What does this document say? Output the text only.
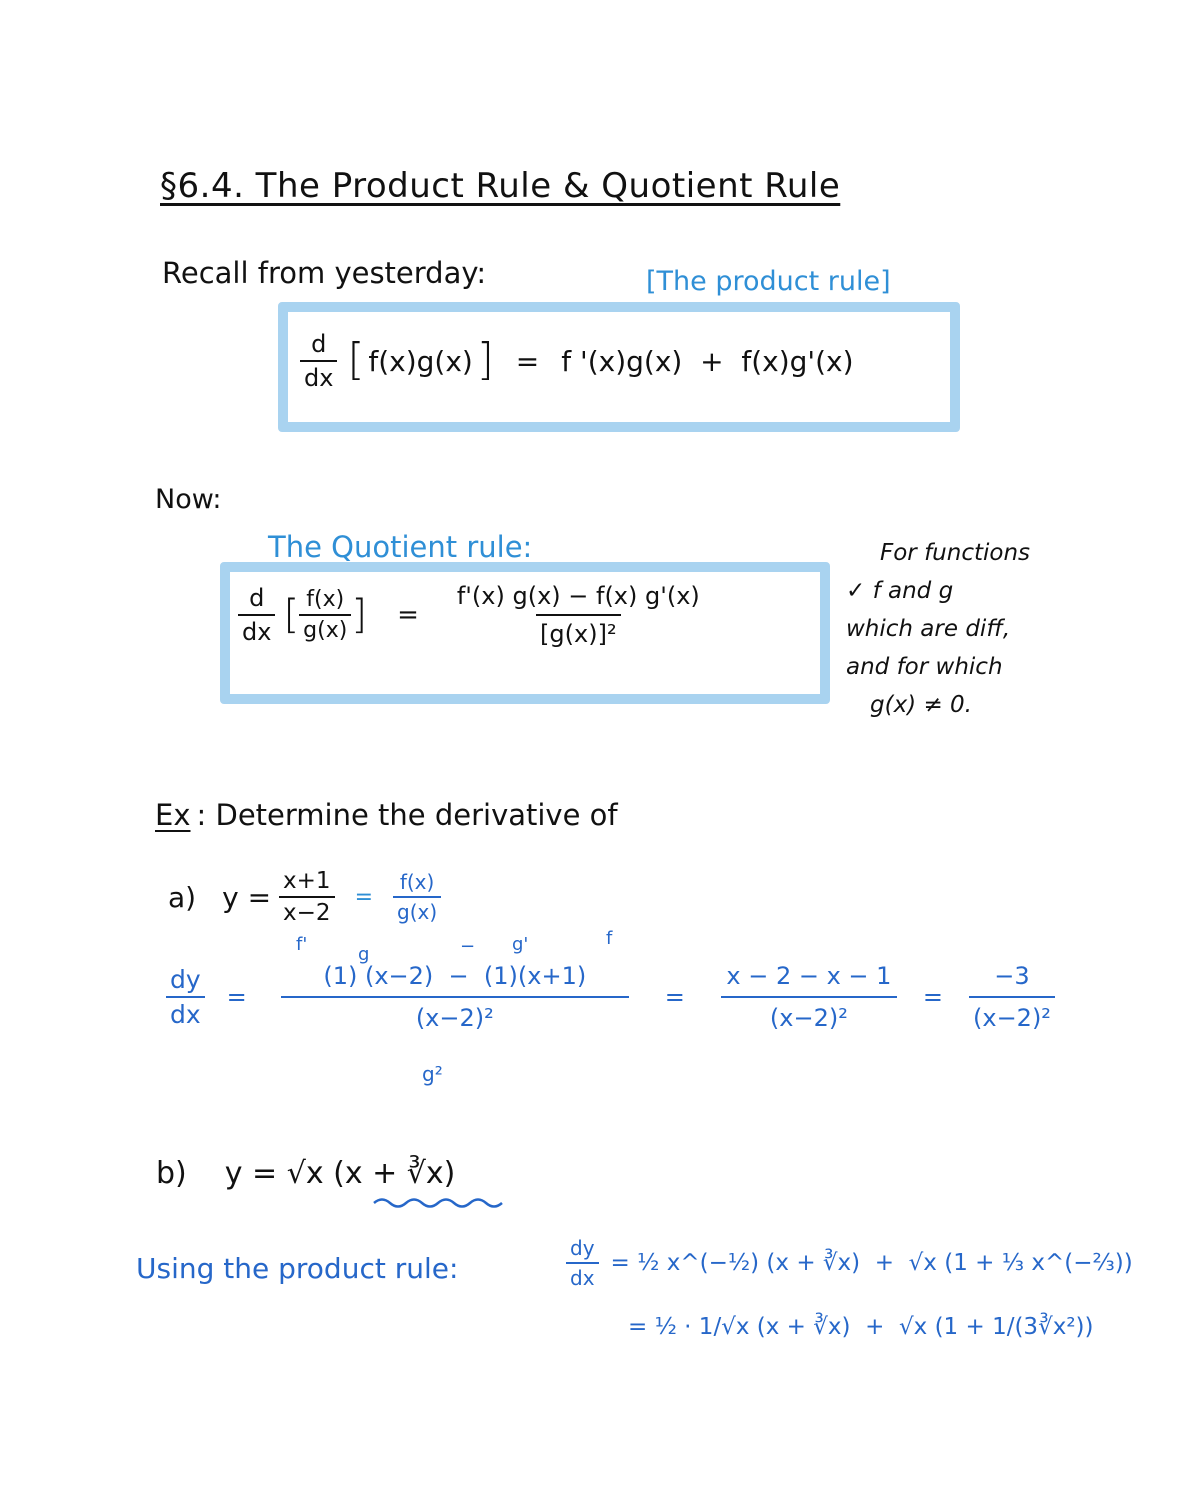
§6.4. The Product Rule & Quotient Rule
Recall from yesterday:	[The product rule]
$\frac{d}{dx}$ [ f(x)g(x) ] = f '(x)g(x)  +  f(x)g'(x)
Now:
The Quotient rule:
$\frac{d}{dx}$ [ $\frac{f(x)}{g(x)}$ ] = $\frac{f'(x) g(x) - f(x) g'(x)}{\text{[g(x)]²}}$
For functions
✓ f and g
which are diff,
and for which
g(x) ≠ 0.
Ex : Determine the derivative of
a) $y = \frac{x+1}{x-2} = \frac{f(x)}{g(x)}$
f'	g	− g'	f
$\frac{dy}{dx} = \frac{(1) (x-2) - (1)(x+1)}{\text{(x−2)²}} = \frac{x - 2 - x - 1}{\text{(x−2)²}} = \frac{-3}{\text{(x−2)²}}$
g²
b) y = √x (x + ∛x)
Using the product rule:	$\frac{dy}{dx}$ = ½ x^(−½) (x + ∛x)  +  √x (1 + ⅓ x^(−⅔))
= ½ · 1/√x (x + ∛x)  +  √x (1 + 1/(3∛x²))
